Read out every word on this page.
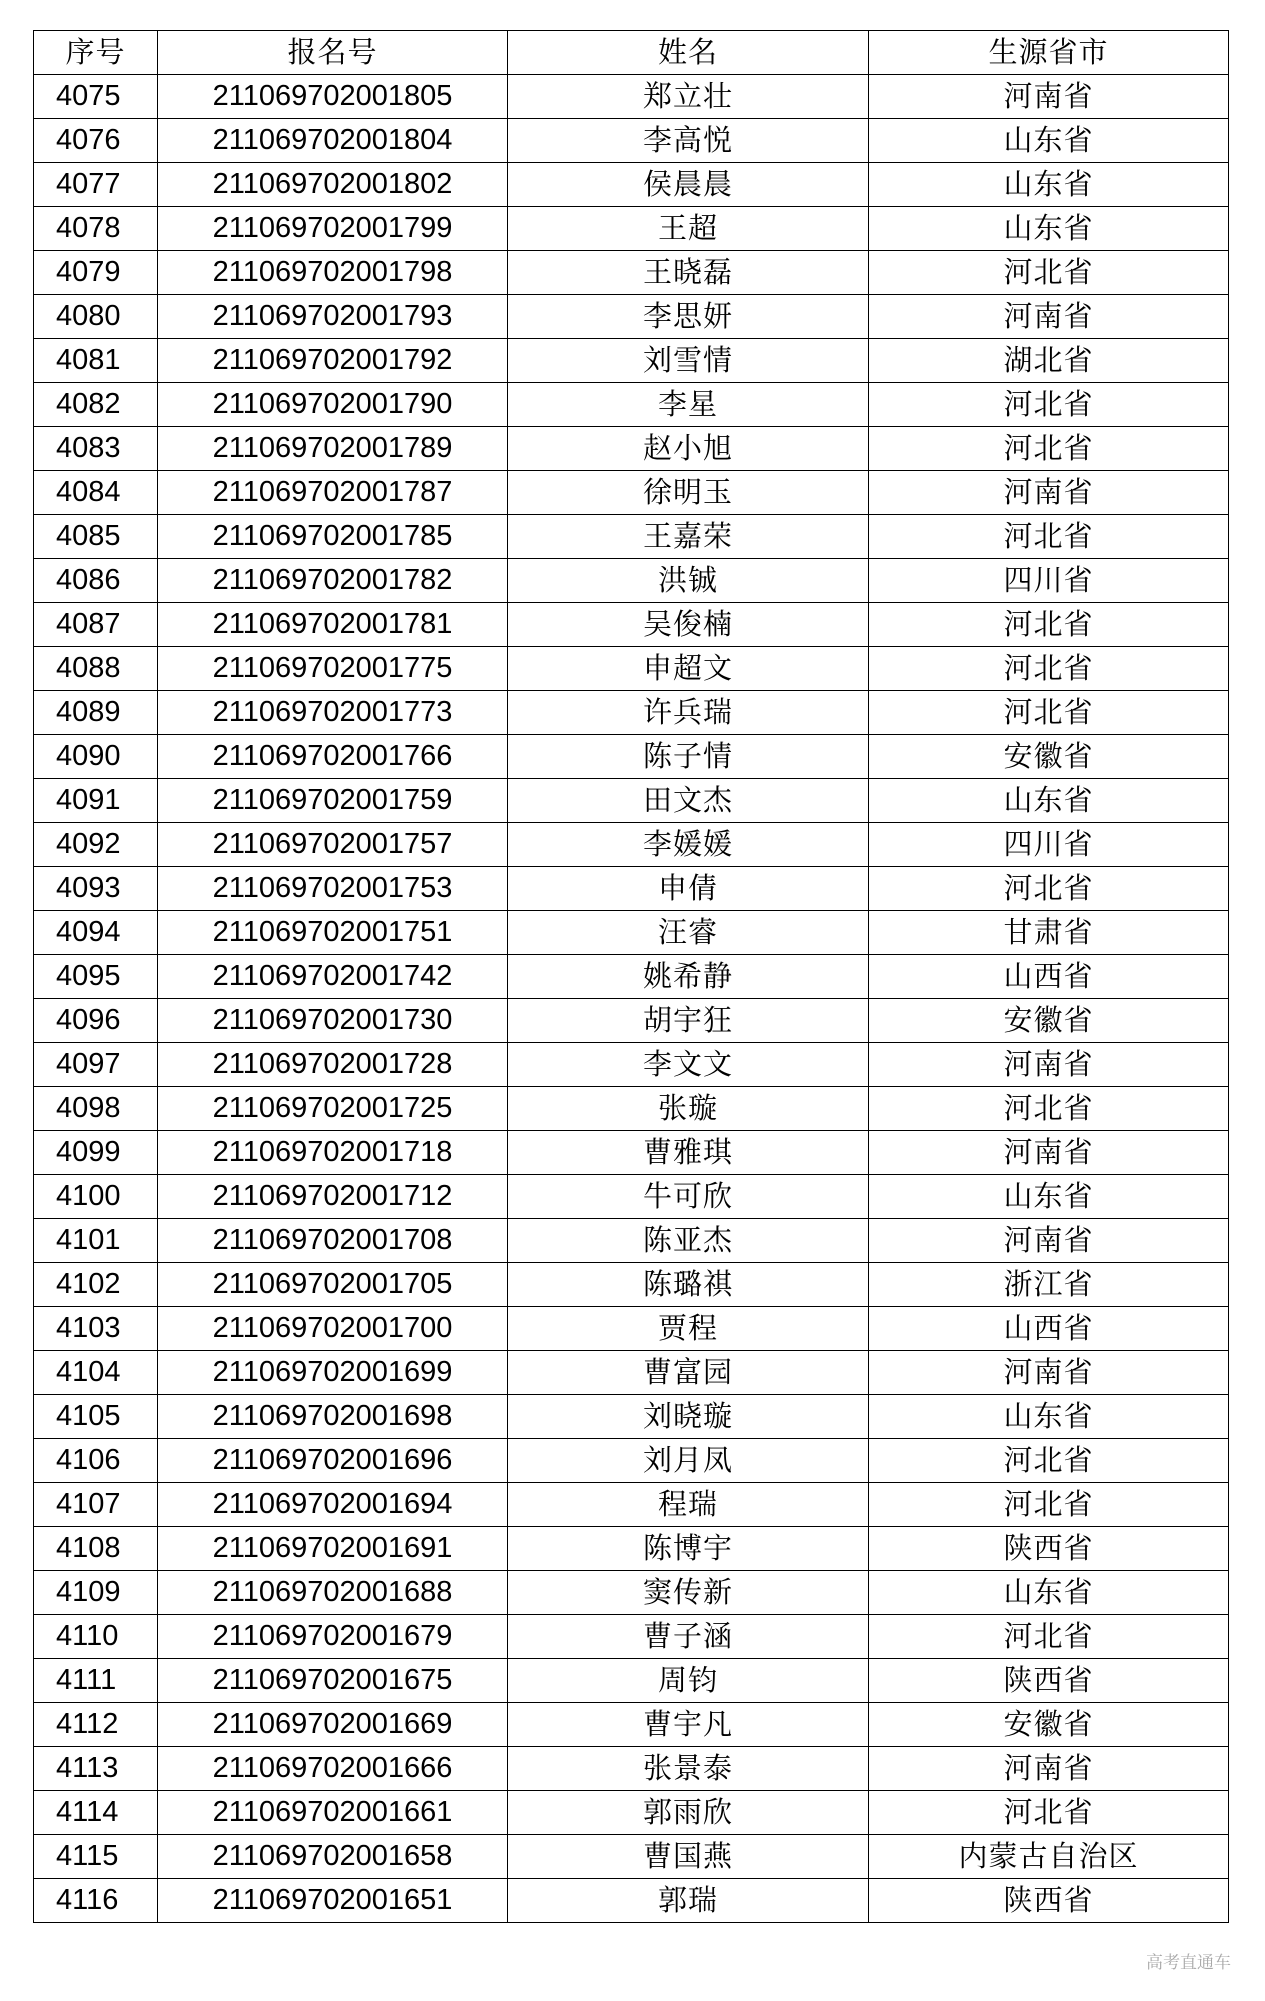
序号	报名号	姓名	生源省市
4075	211069702001805	郑立壮	河南省
4076	211069702001804	李高悦	山东省
4077	211069702001802	侯晨晨	山东省
4078	211069702001799	王超	山东省
4079	211069702001798	王晓磊	河北省
4080	211069702001793	李思妍	河南省
4081	211069702001792	刘雪情	湖北省
4082	211069702001790	李星	河北省
4083	211069702001789	赵小旭	河北省
4084	211069702001787	徐明玉	河南省
4085	211069702001785	王嘉荣	河北省
4086	211069702001782	洪铖	四川省
4087	211069702001781	吴俊楠	河北省
4088	211069702001775	申超文	河北省
4089	211069702001773	许兵瑞	河北省
4090	211069702001766	陈子情	安徽省
4091	211069702001759	田文杰	山东省
4092	211069702001757	李媛媛	四川省
4093	211069702001753	申倩	河北省
4094	211069702001751	汪睿	甘肃省
4095	211069702001742	姚希静	山西省
4096	211069702001730	胡宇狂	安徽省
4097	211069702001728	李文文	河南省
4098	211069702001725	张璇	河北省
4099	211069702001718	曹雅琪	河南省
4100	211069702001712	牛可欣	山东省
4101	211069702001708	陈亚杰	河南省
4102	211069702001705	陈璐祺	浙江省
4103	211069702001700	贾程	山西省
4104	211069702001699	曹富园	河南省
4105	211069702001698	刘晓璇	山东省
4106	211069702001696	刘月凤	河北省
4107	211069702001694	程瑞	河北省
4108	211069702001691	陈博宇	陕西省
4109	211069702001688	窦传新	山东省
4110	211069702001679	曹子涵	河北省
4111	211069702001675	周钧	陕西省
4112	211069702001669	曹宇凡	安徽省
4113	211069702001666	张景泰	河南省
4114	211069702001661	郭雨欣	河北省
4115	211069702001658	曹国燕	内蒙古自治区
4116	211069702001651	郭瑞	陕西省
高考直通车
